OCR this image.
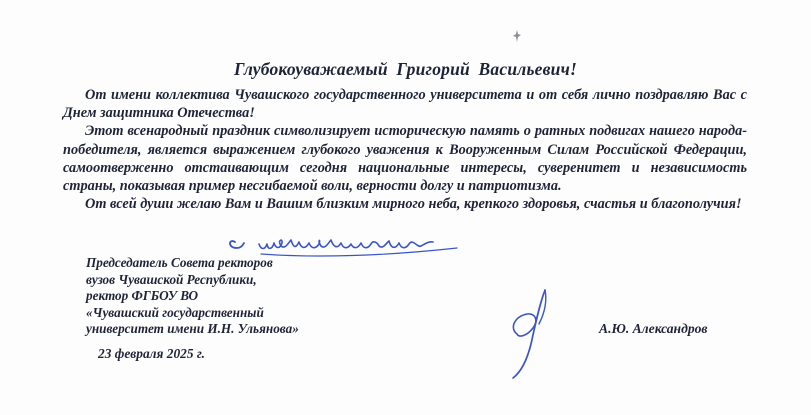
Глубокоуважаемый Григорий Васильевич!

От имени коллектива Чувашского государственного университета и от себя лично поздравляю Вас с Днем защитника Отечества!

Этот всенародный праздник символизирует историческую память о ратных подвигах нашего народа-победителя, является выражением глубокого уважения к Вооруженным Силам Российской Федерации, самоотверженно отстаивающим сегодня национальные интересы, суверенитет и независимость страны, показывая пример несгибаемой воли, верности долгу и патриотизма.

От всей души желаю Вам и Вашим близким мирного неба, крепкого здоровья, счастья и благополучия!

Председатель Совета ректоров
вузов Чувашской Республики,
ректор ФГБОУ ВО
«Чувашский государственный
университет имени И.Н. Ульянова»	А.Ю. Александров
23 февраля 2025 г.
